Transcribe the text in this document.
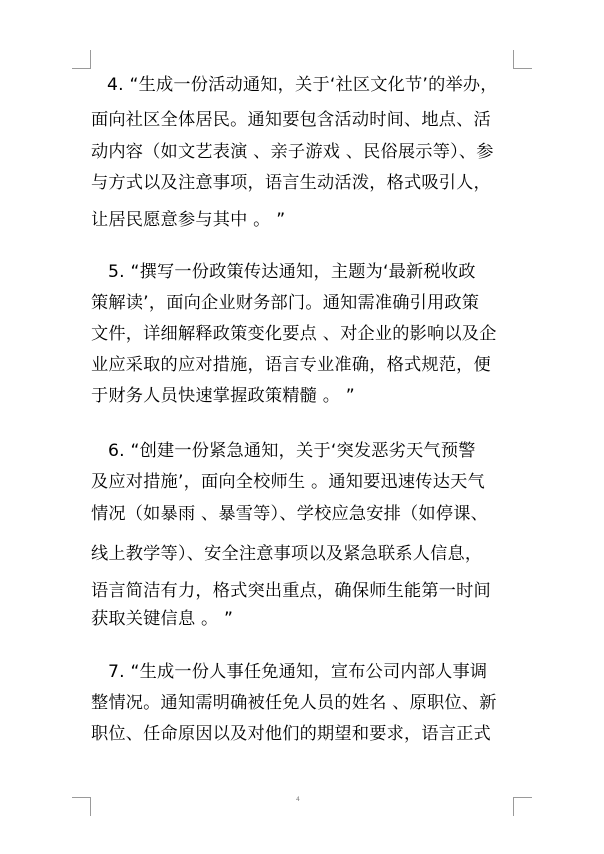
4. “生成一份活动通知，关于‘社区文化节’的举办，
面向社区全体居民。通知要包含活动时间、地点、活
动内容（如文艺表演 、亲子游戏 、民俗展示等）、参
与方式以及注意事项，语言生动活泼，格式吸引人，
让居民愿意参与其中 。 ”
5. “撰写一份政策传达通知，主题为‘最新税收政
策解读’，面向企业财务部门。通知需准确引用政策
文件，详细解释政策变化要点 、对企业的影响以及企
业应采取的应对措施，语言专业准确，格式规范，便
于财务人员快速掌握政策精髓 。 ”
6. “创建一份紧急通知，关于‘突发恶劣天气预警
及应对措施’，面向全校师生 。通知要迅速传达天气
情况（如暴雨 、暴雪等）、学校应急安排（如停课、
线上教学等）、安全注意事项以及紧急联系人信息，
语言简洁有力，格式突出重点，确保师生能第一时间
获取关键信息 。 ”
7. “生成一份人事任免通知，宣布公司内部人事调
整情况。通知需明确被任免人员的姓名 、原职位、新
职位、任命原因以及对他们的期望和要求，语言正式
4
